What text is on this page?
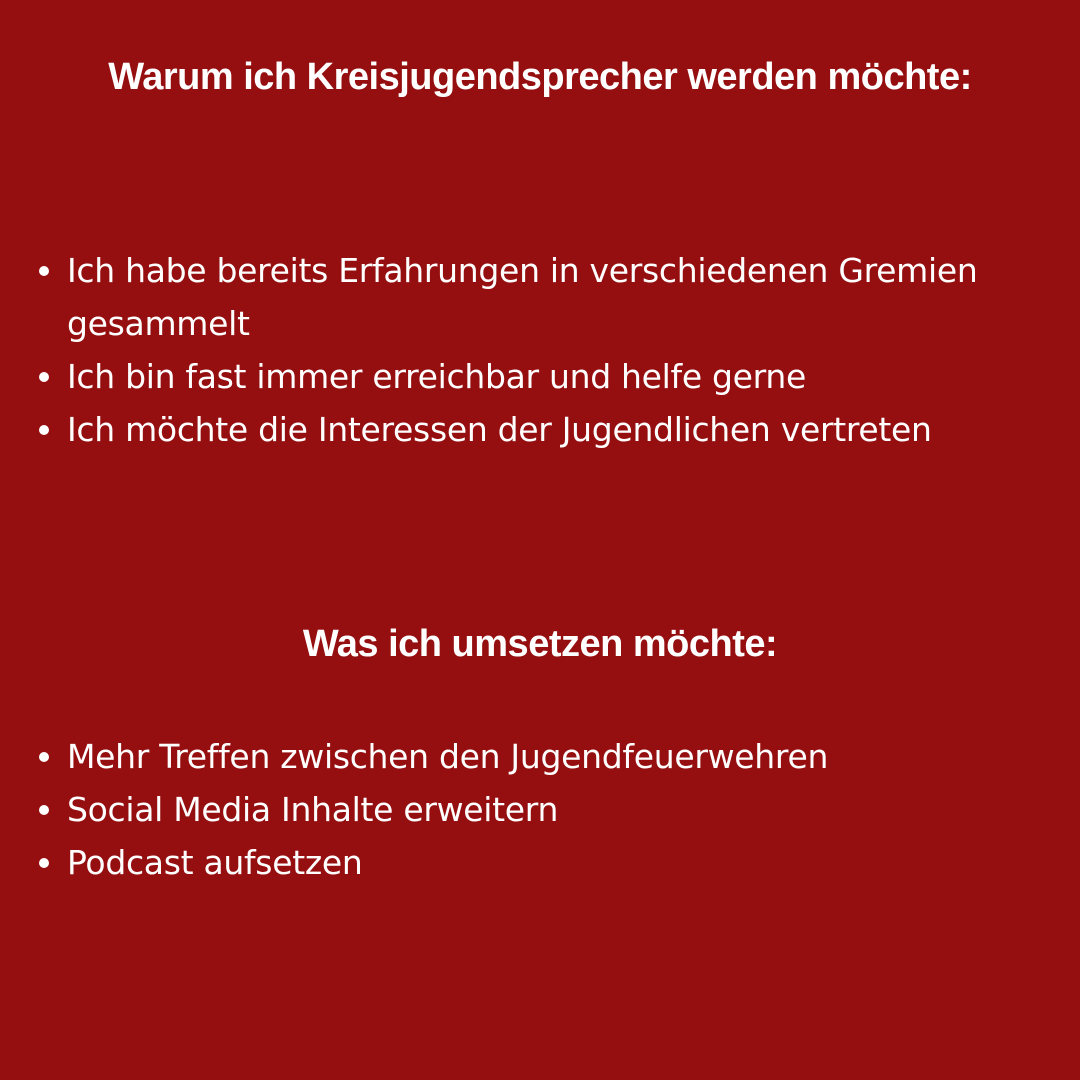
Warum ich Kreisjugendsprecher werden möchte:
Ich habe bereits Erfahrungen in verschiedenen Gremien gesammelt
Ich bin fast immer erreichbar und helfe gerne
Ich möchte die Interessen der Jugendlichen vertreten
Was ich umsetzen möchte:
Mehr Treffen zwischen den Jugendfeuerwehren
Social Media Inhalte erweitern
Podcast aufsetzen
